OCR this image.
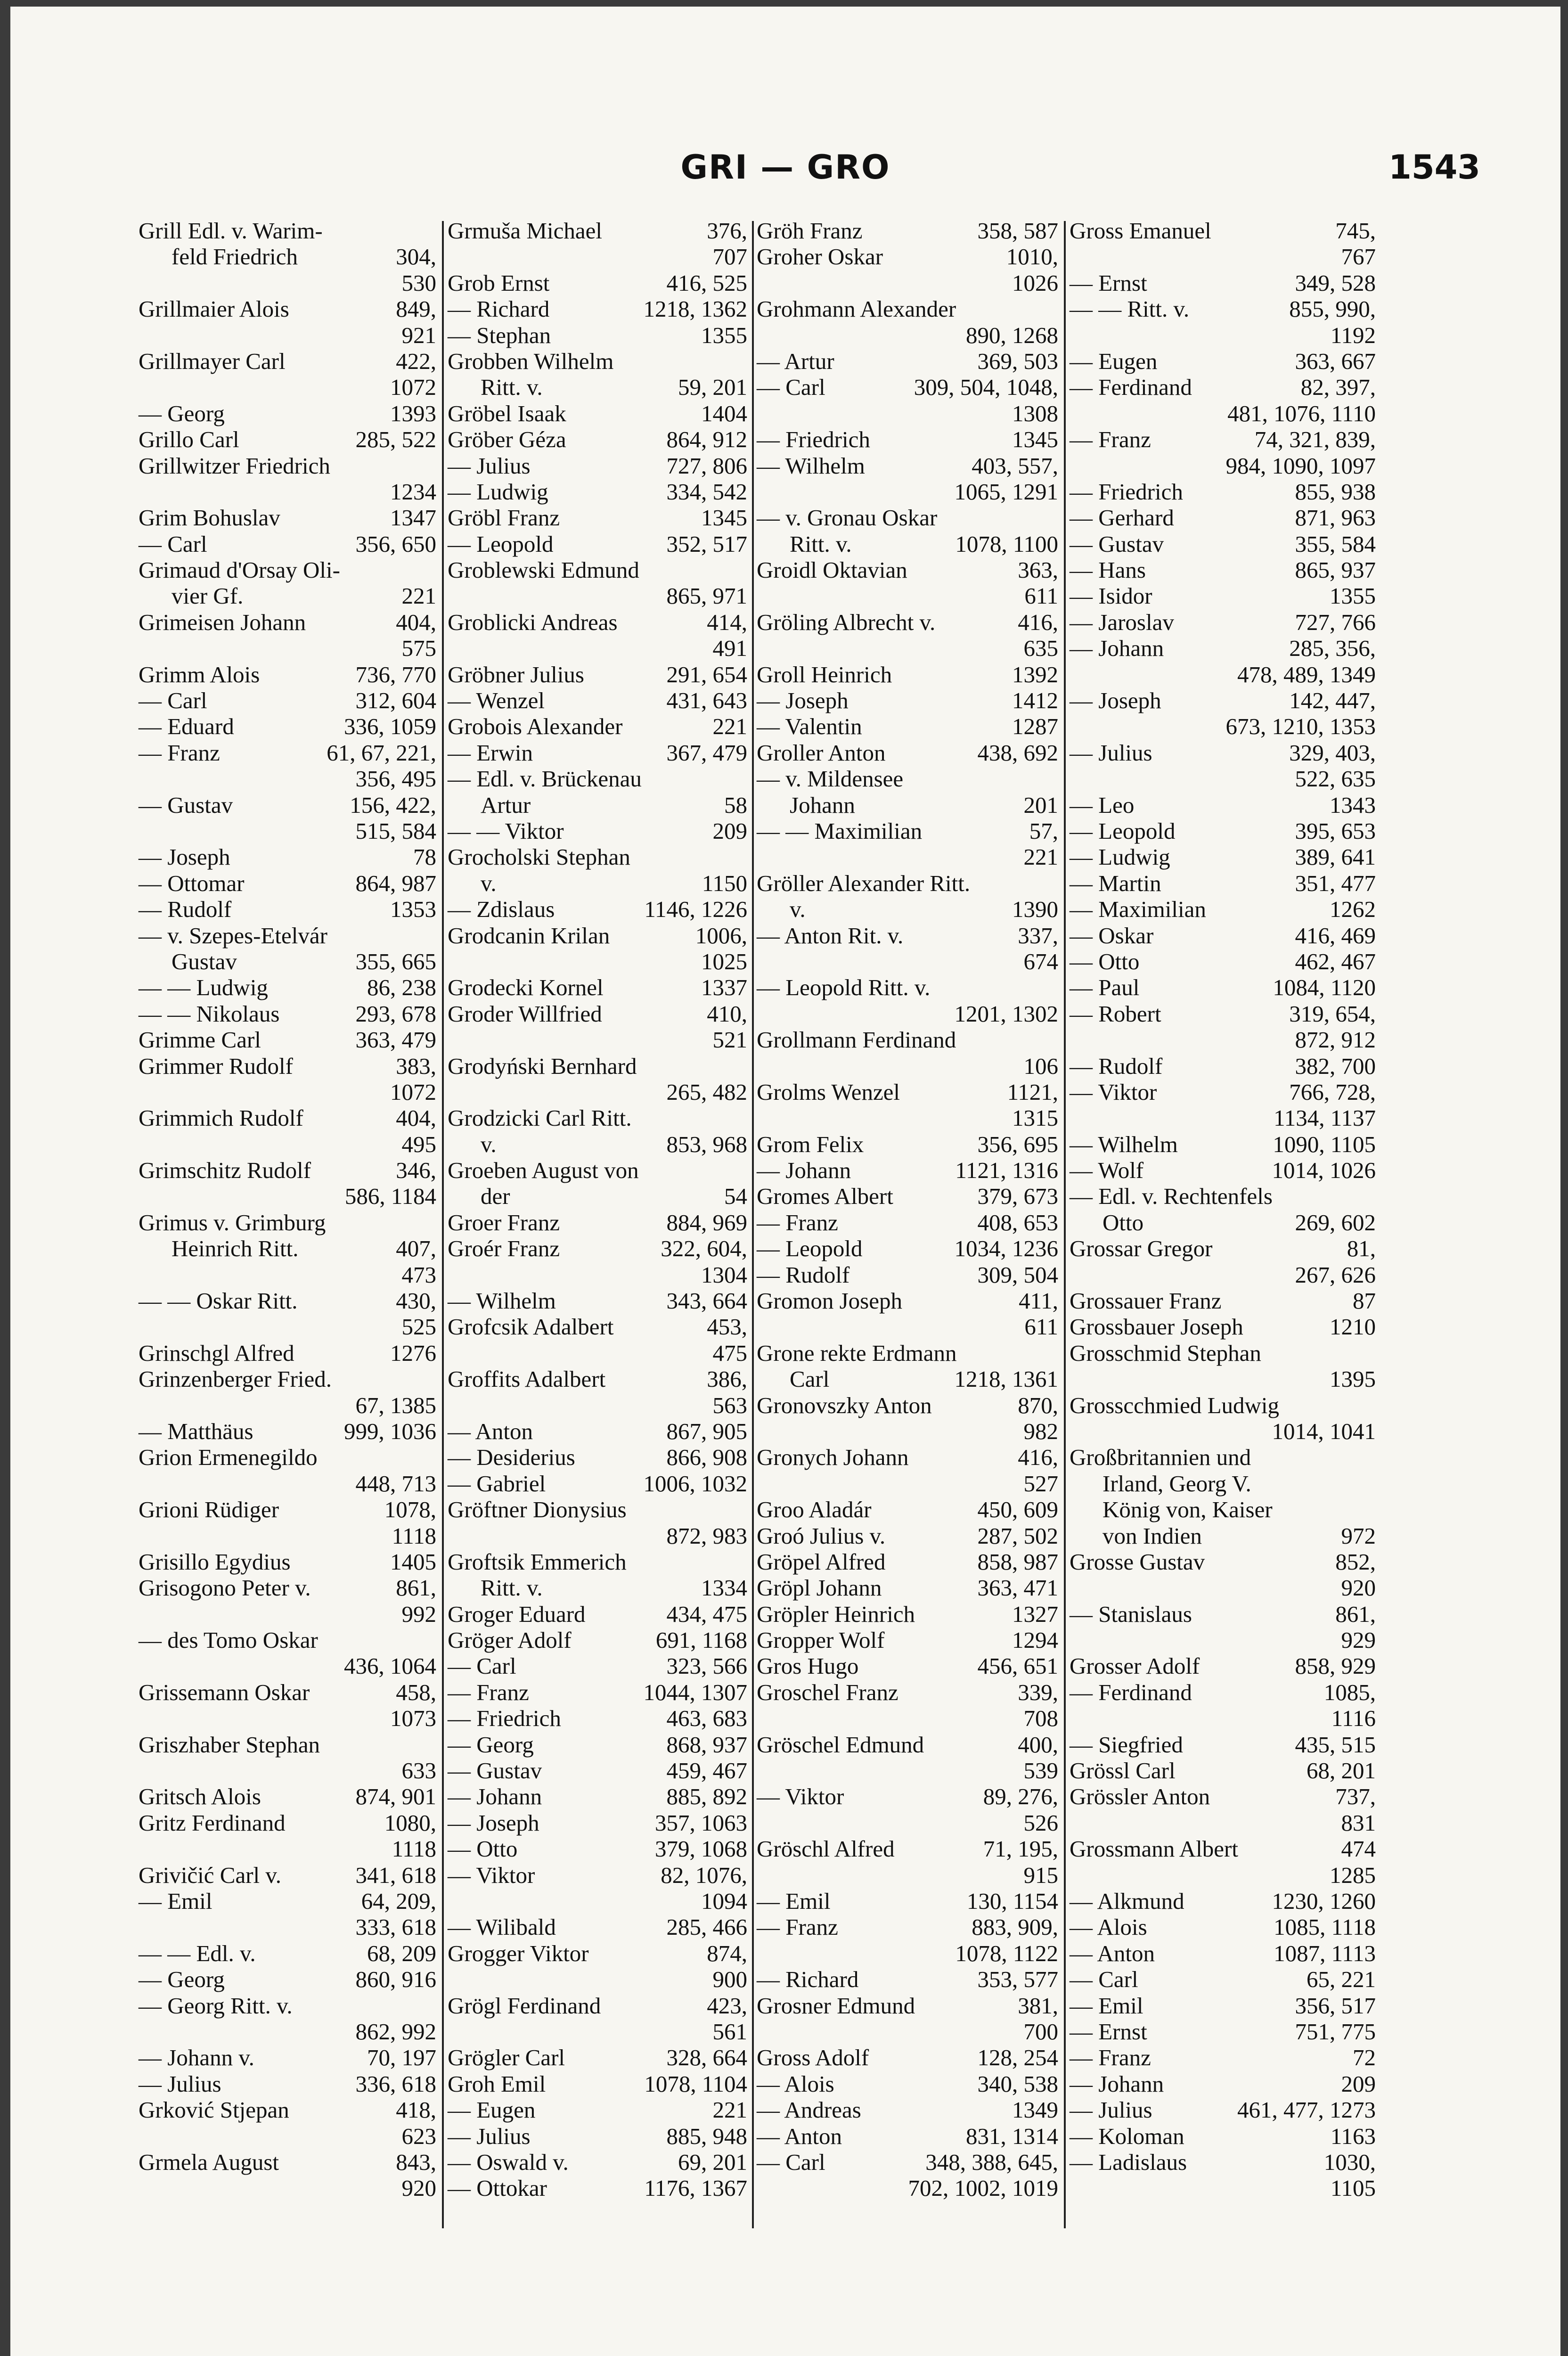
GRI — GRO	1543
Grill Edl. v. Warim-
feld Friedrich	304,
530
Grillmaier Alois	849,
921
Grillmayer Carl	422,
1072
— Georg	1393
Grillo Carl	285, 522
Grillwitzer Friedrich
1234
Grim Bohuslav	1347
— Carl	356, 650
Grimaud d'Orsay Oli-
vier Gf.	221
Grimeisen Johann	404,
575
Grimm Alois	736, 770
— Carl	312, 604
— Eduard	336, 1059
— Franz	61, 67, 221,
356, 495
— Gustav	156, 422,
515, 584
— Joseph	78
— Ottomar	864, 987
— Rudolf	1353
— v. Szepes-Etelvár
Gustav	355, 665
— — Ludwig	86, 238
— — Nikolaus	293, 678
Grimme Carl	363, 479
Grimmer Rudolf	383,
1072
Grimmich Rudolf	404,
495
Grimschitz Rudolf	346,
586, 1184
Grimus v. Grimburg
Heinrich Ritt.	407,
473
— — Oskar Ritt.	430,
525
Grinschgl Alfred	1276
Grinzenberger Fried.
67, 1385
— Matthäus	999, 1036
Grion Ermenegildo
448, 713
Grioni Rüdiger	1078,
1118
Grisillo Egydius	1405
Grisogono Peter v.	861,
992
— des Tomo Oskar
436, 1064
Grissemann Oskar	458,
1073
Griszhaber Stephan
633
Gritsch Alois	874, 901
Gritz Ferdinand	1080,
1118
Grivičić Carl v.	341, 618
— Emil	64, 209,
333, 618
— — Edl. v.	68, 209
— Georg	860, 916
— Georg Ritt. v.
862, 992
— Johann v.	70, 197
— Julius	336, 618
Grković Stjepan	418,
623
Grmela August	843,
920
Grmuša Michael	376,
707
Grob Ernst	416, 525
— Richard	1218, 1362
— Stephan	1355
Grobben Wilhelm
Ritt. v.	59, 201
Gröbel Isaak	1404
Gröber Géza	864, 912
— Julius	727, 806
— Ludwig	334, 542
Gröbl Franz	1345
— Leopold	352, 517
Groblewski Edmund
865, 971
Groblicki Andreas	414,
491
Gröbner Julius	291, 654
— Wenzel	431, 643
Grobois Alexander	221
— Erwin	367, 479
— Edl. v. Brückenau
Artur	58
— — Viktor	209
Grocholski Stephan
v.	1150
— Zdislaus	1146, 1226
Grodcanin Krilan	1006,
1025
Grodecki Kornel	1337
Groder Willfried	410,
521
Grodyński Bernhard
265, 482
Grodzicki Carl Ritt.
v.	853, 968
Groeben August von
der	54
Groer Franz	884, 969
Groér Franz	322, 604,
1304
— Wilhelm	343, 664
Grofcsik Adalbert	453,
475
Groffits Adalbert	386,
563
— Anton	867, 905
— Desiderius	866, 908
— Gabriel	1006, 1032
Gröftner Dionysius
872, 983
Groftsik Emmerich
Ritt. v.	1334
Groger Eduard	434, 475
Gröger Adolf	691, 1168
— Carl	323, 566
— Franz	1044, 1307
— Friedrich	463, 683
— Georg	868, 937
— Gustav	459, 467
— Johann	885, 892
— Joseph	357, 1063
— Otto	379, 1068
— Viktor	82, 1076,
1094
— Wilibald	285, 466
Grogger Viktor	874,
900
Grögl Ferdinand	423,
561
Grögler Carl	328, 664
Groh Emil	1078, 1104
— Eugen	221
— Julius	885, 948
— Oswald v.	69, 201
— Ottokar	1176, 1367
Gröh Franz	358, 587
Groher Oskar	1010,
1026
Grohmann Alexander
890, 1268
— Artur	369, 503
— Carl	309, 504, 1048,
1308
— Friedrich	1345
— Wilhelm	403, 557,
1065, 1291
— v. Gronau Oskar
Ritt. v.	1078, 1100
Groidl Oktavian	363,
611
Gröling Albrecht v.	416,
635
Groll Heinrich	1392
— Joseph	1412
— Valentin	1287
Groller Anton	438, 692
— v. Mildensee
Johann	201
— — Maximilian	57,
221
Gröller Alexander Ritt.
v.	1390
— Anton Rit. v.	337,
674
— Leopold Ritt. v.
1201, 1302
Grollmann Ferdinand
106
Grolms Wenzel	1121,
1315
Grom Felix	356, 695
— Johann	1121, 1316
Gromes Albert	379, 673
— Franz	408, 653
— Leopold	1034, 1236
— Rudolf	309, 504
Gromon Joseph	411,
611
Grone rekte Erdmann
Carl	1218, 1361
Gronovszky Anton	870,
982
Gronych Johann	416,
527
Groo Aladár	450, 609
Groó Julius v.	287, 502
Gröpel Alfred	858, 987
Gröpl Johann	363, 471
Gröpler Heinrich	1327
Gropper Wolf	1294
Gros Hugo	456, 651
Groschel Franz	339,
708
Gröschel Edmund	400,
539
— Viktor	89, 276,
526
Gröschl Alfred	71, 195,
915
— Emil	130, 1154
— Franz	883, 909,
1078, 1122
— Richard	353, 577
Grosner Edmund	381,
700
Gross Adolf	128, 254
— Alois	340, 538
— Andreas	1349
— Anton	831, 1314
— Carl	348, 388, 645,
702, 1002, 1019
Gross Emanuel	745,
767
— Ernst	349, 528
— — Ritt. v.	855, 990,
1192
— Eugen	363, 667
— Ferdinand	82, 397,
481, 1076, 1110
— Franz	74, 321, 839,
984, 1090, 1097
— Friedrich	855, 938
— Gerhard	871, 963
— Gustav	355, 584
— Hans	865, 937
— Isidor	1355
— Jaroslav	727, 766
— Johann	285, 356,
478, 489, 1349
— Joseph	142, 447,
673, 1210, 1353
— Julius	329, 403,
522, 635
— Leo	1343
— Leopold	395, 653
— Ludwig	389, 641
— Martin	351, 477
— Maximilian	1262
— Oskar	416, 469
— Otto	462, 467
— Paul	1084, 1120
— Robert	319, 654,
872, 912
— Rudolf	382, 700
— Viktor	766, 728,
1134, 1137
— Wilhelm	1090, 1105
— Wolf	1014, 1026
— Edl. v. Rechtenfels
Otto	269, 602
Grossar Gregor	81,
267, 626
Grossauer Franz	87
Grossbauer Joseph	1210
Grosschmid Stephan
1395
Grosscchmied Ludwig
1014, 1041
Großbritannien und
Irland, Georg V.
König von, Kaiser
von Indien	972
Grosse Gustav	852,
920
— Stanislaus	861,
929
Grosser Adolf	858, 929
— Ferdinand	1085,
1116
— Siegfried	435, 515
Grössl Carl	68, 201
Grössler Anton	737,
831
Grossmann Albert	474
1285
— Alkmund	1230, 1260
— Alois	1085, 1118
— Anton	1087, 1113
— Carl	65, 221
— Emil	356, 517
— Ernst	751, 775
— Franz	72
— Johann	209
— Julius	461, 477, 1273
— Koloman	1163
— Ladislaus	1030,
1105
